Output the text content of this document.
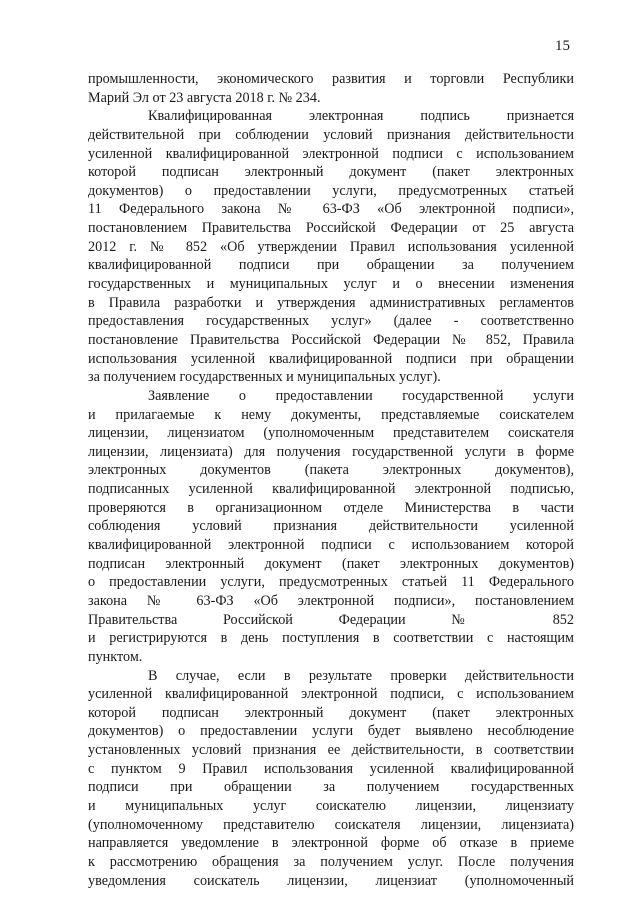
15
промышленности, экономического развития и торговли Республики
Марий Эл от 23 августа 2018 г. № 234.
Квалифицированная электронная подпись признается
действительной при соблюдении условий признания действительности
усиленной квалифицированной электронной подписи с использованием
которой подписан электронный документ (пакет электронных
документов) о предоставлении услуги, предусмотренных статьей
11 Федерального закона № 63-ФЗ «Об электронной подписи»,
постановлением Правительства Российской Федерации от 25 августа
2012 г. № 852 «Об утверждении Правил использования усиленной
квалифицированной подписи при обращении за получением
государственных и муниципальных услуг и о внесении изменения
в Правила разработки и утверждения административных регламентов
предоставления государственных услуг» (далее - соответственно
постановление Правительства Российской Федерации № 852, Правила
использования усиленной квалифицированной подписи при обращении
за получением государственных и муниципальных услуг).
Заявление о предоставлении государственной услуги
и прилагаемые к нему документы, представляемые соискателем
лицензии, лицензиатом (уполномоченным представителем соискателя
лицензии, лицензиата) для получения государственной услуги в форме
электронных документов (пакета электронных документов),
подписанных усиленной квалифицированной электронной подписью,
проверяются в организационном отделе Министерства в части
соблюдения условий признания действительности усиленной
квалифицированной электронной подписи с использованием которой
подписан электронный документ (пакет электронных документов)
о предоставлении услуги, предусмотренных статьей 11 Федерального
закона № 63-ФЗ «Об электронной подписи», постановлением
Правительства Российской Федерации № 852
и регистрируются в день поступления в соответствии с настоящим
пунктом.
В случае, если в результате проверки действительности
усиленной квалифицированной электронной подписи, с использованием
которой подписан электронный документ (пакет электронных
документов) о предоставлении услуги будет выявлено несоблюдение
установленных условий признания ее действительности, в соответствии
с пунктом 9 Правил использования усиленной квалифицированной
подписи при обращении за получением государственных
и муниципальных услуг соискателю лицензии, лицензиату
(уполномоченному представителю соискателя лицензии, лицензиата)
направляется уведомление в электронной форме об отказе в приеме
к рассмотрению обращения за получением услуг. После получения
уведомления соискатель лицензии, лицензиат (уполномоченный
